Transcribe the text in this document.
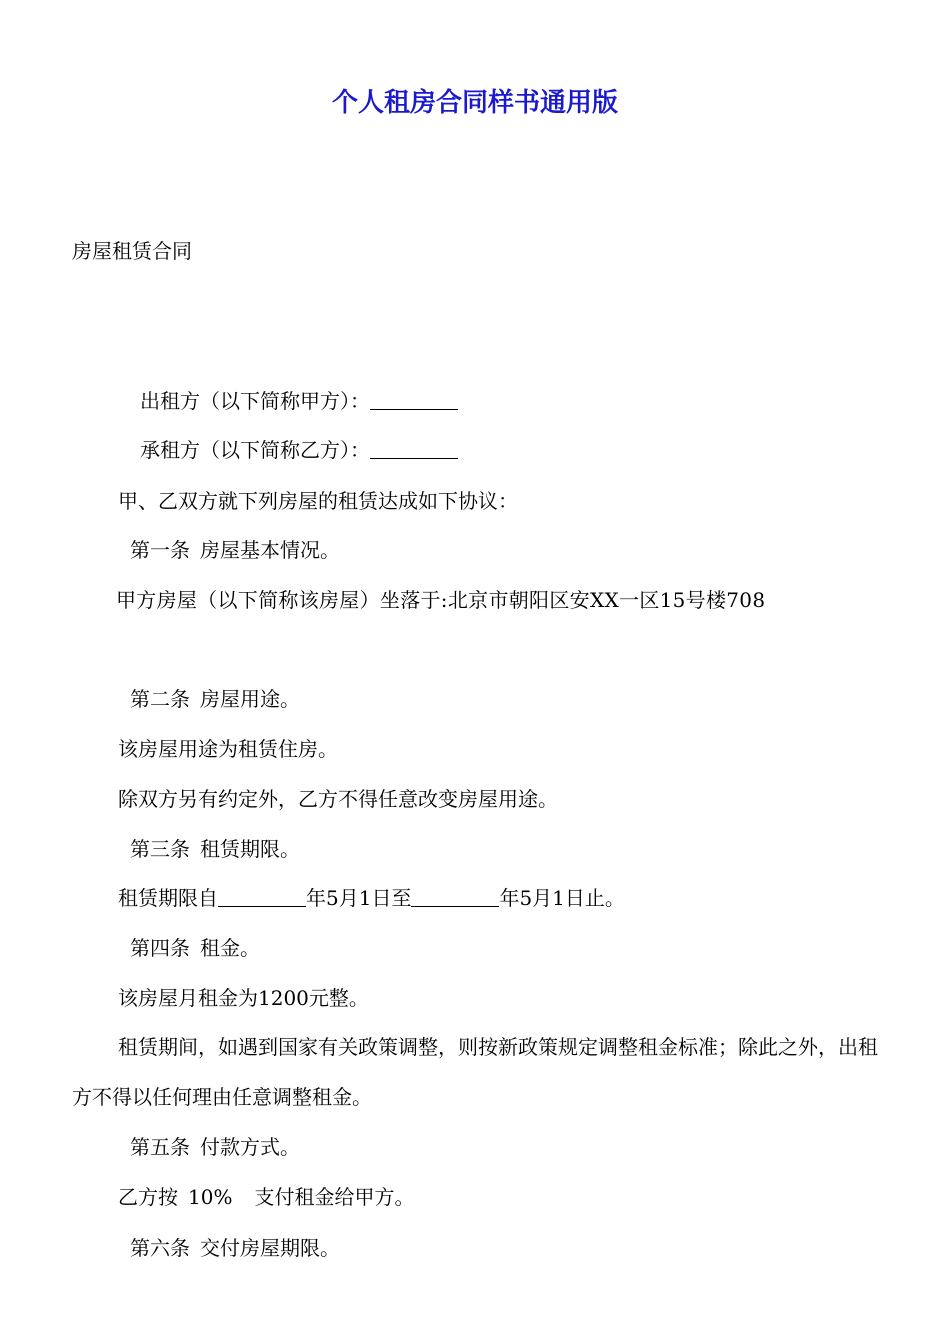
个人租房合同样书通用版
房屋租赁合同
出租方（以下简称甲方）：
承租方（以下简称乙方）：
甲、乙双方就下列房屋的租赁达成如下协议：
第一条 房屋基本情况。
甲方房屋（以下简称该房屋）坐落于:北京市朝阳区安XX一区15号楼708
第二条 房屋用途。
该房屋用途为租赁住房。
除双方另有约定外，乙方不得任意改变房屋用途。
第三条 租赁期限。
租赁期限自	年5月1日至	年5月1日止。
第四条 租金。
该房屋月租金为1200元整。
租赁期间，如遇到国家有关政策调整，则按新政策规定调整租金标准；除此之外，出租方不得以任何理由任意调整租金。
第五条 付款方式。
乙方按 10% 支付租金给甲方。
第六条 交付房屋期限。
